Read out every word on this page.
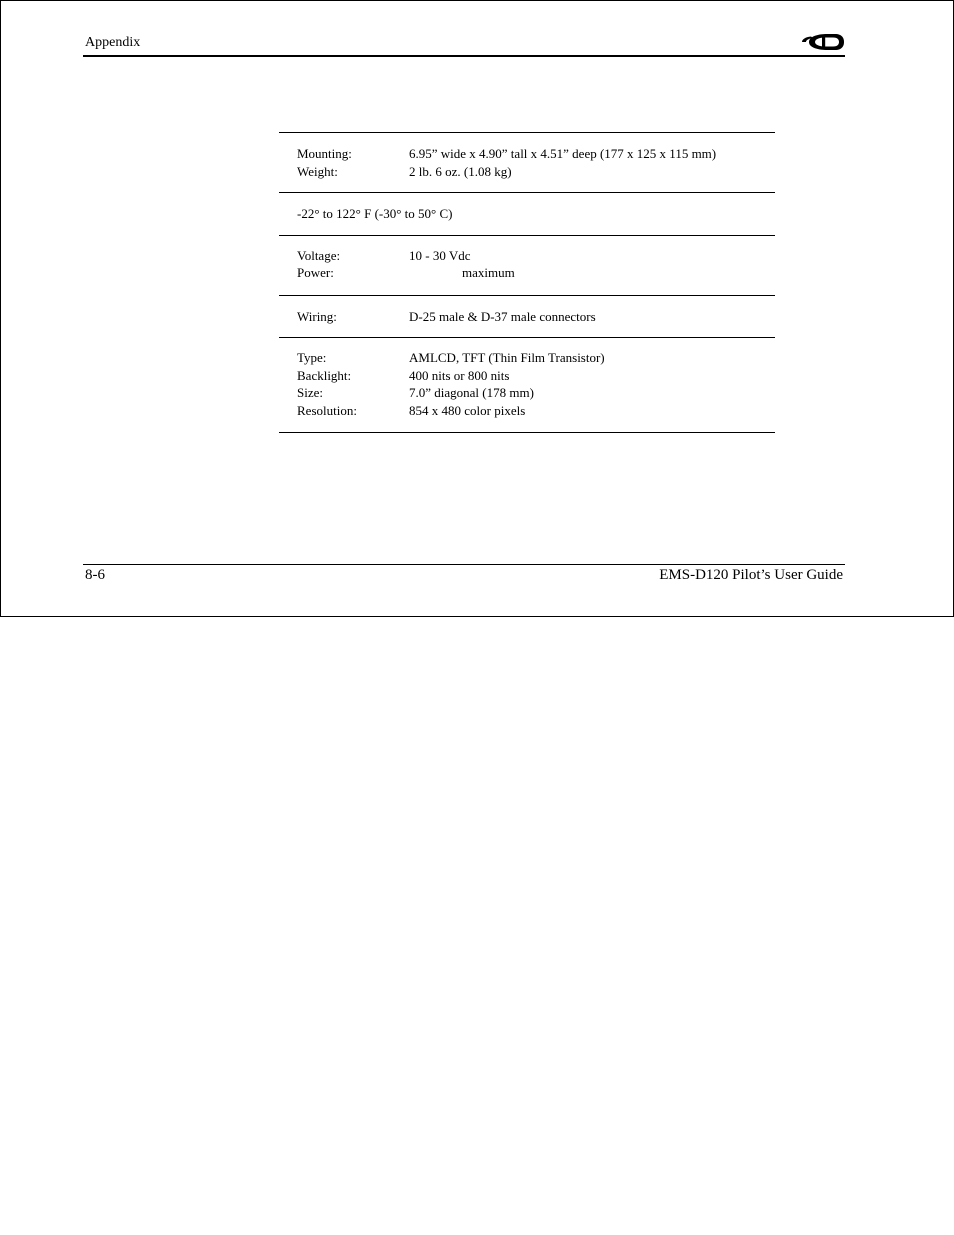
Appendix
Mounting:	6.95” wide x 4.90” tall x 4.51” deep (177 x 125 x 115 mm)
Weight:	2 lb. 6 oz. (1.08 kg)
-22° to 122° F (-30° to 50° C)
Voltage:	10 - 30 Vdc
Power:	maximum
Wiring:	D-25 male & D-37 male connectors
Type:	AMLCD, TFT (Thin Film Transistor)
Backlight:	400 nits or 800 nits
Size:	7.0” diagonal (178 mm)
Resolution:	854 x 480 color pixels
8-6	EMS-D120 Pilot’s User Guide
